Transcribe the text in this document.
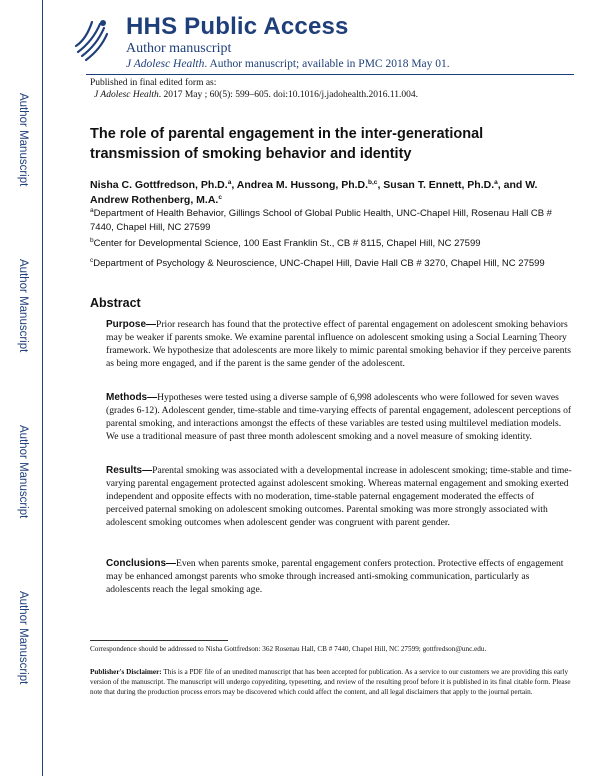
Author Manuscript
Author Manuscript
Author Manuscript
Author Manuscript
HHS Public Access
Author manuscript
J Adolesc Health. Author manuscript; available in PMC 2018 May 01.
Published in final edited form as:
J Adolesc Health. 2017 May ; 60(5): 599–605. doi:10.1016/j.jadohealth.2016.11.004.
The role of parental engagement in the inter-generational transmission of smoking behavior and identity
Nisha C. Gottfredson, Ph.D.$^a$, Andrea M. Hussong, Ph.D.$^{b,c}$, Susan T. Ennett, Ph.D.$^a$, and W. Andrew Rothenberg, M.A.$^c$
$^a$Department of Health Behavior, Gillings School of Global Public Health, UNC-Chapel Hill, Rosenau Hall CB # 7440, Chapel Hill, NC 27599
$^b$Center for Developmental Science, 100 East Franklin St., CB # 8115, Chapel Hill, NC 27599
$^c$Department of Psychology & Neuroscience, UNC-Chapel Hill, Davie Hall CB # 3270, Chapel Hill, NC 27599
Abstract
Purpose—Prior research has found that the protective effect of parental engagement on adolescent smoking behaviors may be weaker if parents smoke. We examine parental influence on adolescent smoking using a Social Learning Theory framework. We hypothesize that adolescents are more likely to mimic parental smoking behavior if they perceive parents as being more engaged, and if the parent is the same gender of the adolescent.
Methods—Hypotheses were tested using a diverse sample of 6,998 adolescents who were followed for seven waves (grades 6-12). Adolescent gender, time-stable and time-varying effects of parental engagement, adolescent perceptions of parental smoking, and interactions amongst the effects of these variables are tested using multilevel mediation models. We use a traditional measure of past three month adolescent smoking and a novel measure of smoking identity.
Results—Parental smoking was associated with a developmental increase in adolescent smoking; time-stable and time-varying parental engagement protected against adolescent smoking. Whereas maternal engagement and smoking exerted independent and opposite effects with no moderation, time-stable paternal engagement moderated the effects of perceived paternal smoking on adolescent smoking outcomes. Parental smoking was more strongly associated with adolescent smoking outcomes when adolescent gender was congruent with parent gender.
Conclusions—Even when parents smoke, parental engagement confers protection. Protective effects of engagement may be enhanced amongst parents who smoke through increased anti-smoking communication, particularly as adolescents reach the legal smoking age.
Correspondence should be addressed to Nisha Gottfredson: 362 Rosenau Hall, CB # 7440, Chapel Hill, NC 27599; gottfredson@unc.edu.
Publisher's Disclaimer: This is a PDF file of an unedited manuscript that has been accepted for publication. As a service to our customers we are providing this early version of the manuscript. The manuscript will undergo copyediting, typesetting, and review of the resulting proof before it is published in its final citable form. Please note that during the production process errors may be discovered which could affect the content, and all legal disclaimers that apply to the journal pertain.
